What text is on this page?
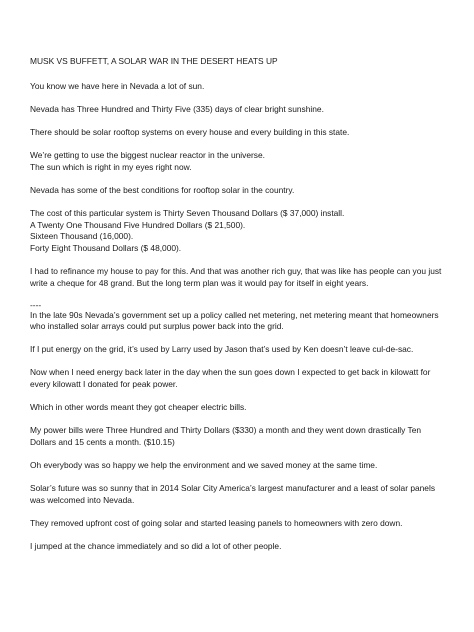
MUSK VS BUFFETT, A SOLAR WAR IN THE DESERT HEATS UP
You know we have here in Nevada a lot of sun.
Nevada has Three Hundred and Thirty Five (335) days of clear bright sunshine.
There should be solar rooftop systems on every house and every building in this state.
We’re getting to use the biggest nuclear reactor in the universe.
The sun which is right in my eyes right now.
Nevada has some of the best conditions for rooftop solar in the country.
The cost of this particular system is Thirty Seven Thousand Dollars ($ 37,000) install.
A Twenty One Thousand Five Hundred Dollars ($ 21,500).
Sixteen Thousand (16,000).
Forty Eight Thousand Dollars ($ 48,000).
I had to refinance my house to pay for this. And that was another rich guy, that was like has people can you just write a cheque for 48 grand. But the long term plan was it would pay for itself in eight years.
----
In the late 90s Nevada’s government set up a policy called net metering, net metering meant that homeowners who installed solar arrays could put surplus power back into the grid.
If I put energy on the grid, it’s used by Larry used by Jason that’s used by Ken doesn’t leave cul-de-sac.
Now when I need energy back later in the day when the sun goes down I expected to get back in kilowatt for every kilowatt I donated for peak power.
Which in other words meant they got cheaper electric bills.
My power bills were Three Hundred and Thirty Dollars ($330) a month and they went down drastically Ten Dollars and 15 cents a month. ($10.15)
Oh everybody was so happy we help the environment and we saved money at the same time.
Solar’s future was so sunny that in 2014 Solar City America’s largest manufacturer and a least of solar panels was welcomed into Nevada.
They removed upfront cost of going solar and started leasing panels to homeowners with zero down.
I jumped at the chance immediately and so did a lot of other people.
